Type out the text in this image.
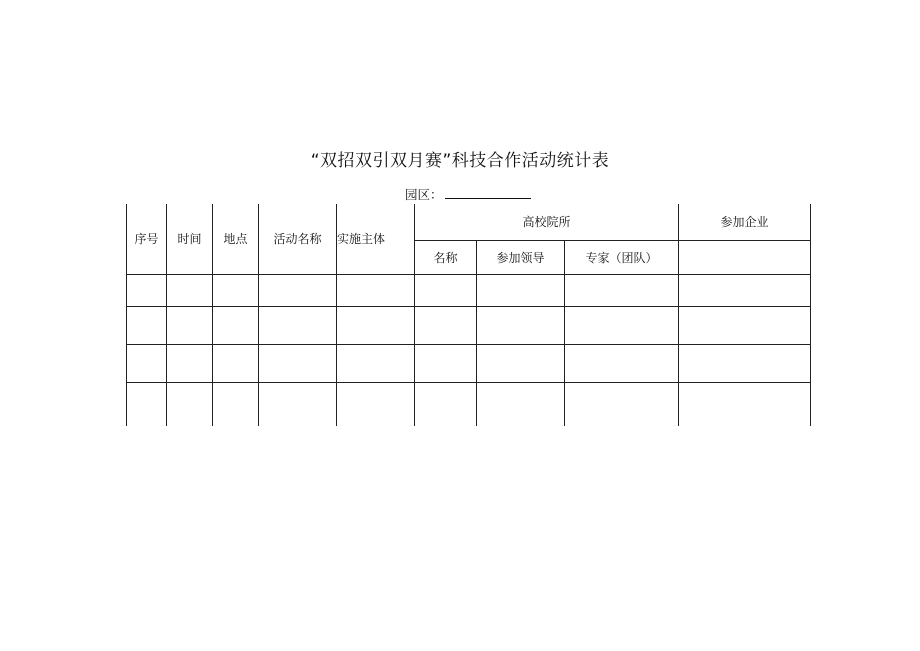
“双招双引双月赛”科技合作活动统计表
园区：
序号	时间	地点	活动名称	实施主体	高校院所			参加企业
					名称	参加领导	专家（团队）	
